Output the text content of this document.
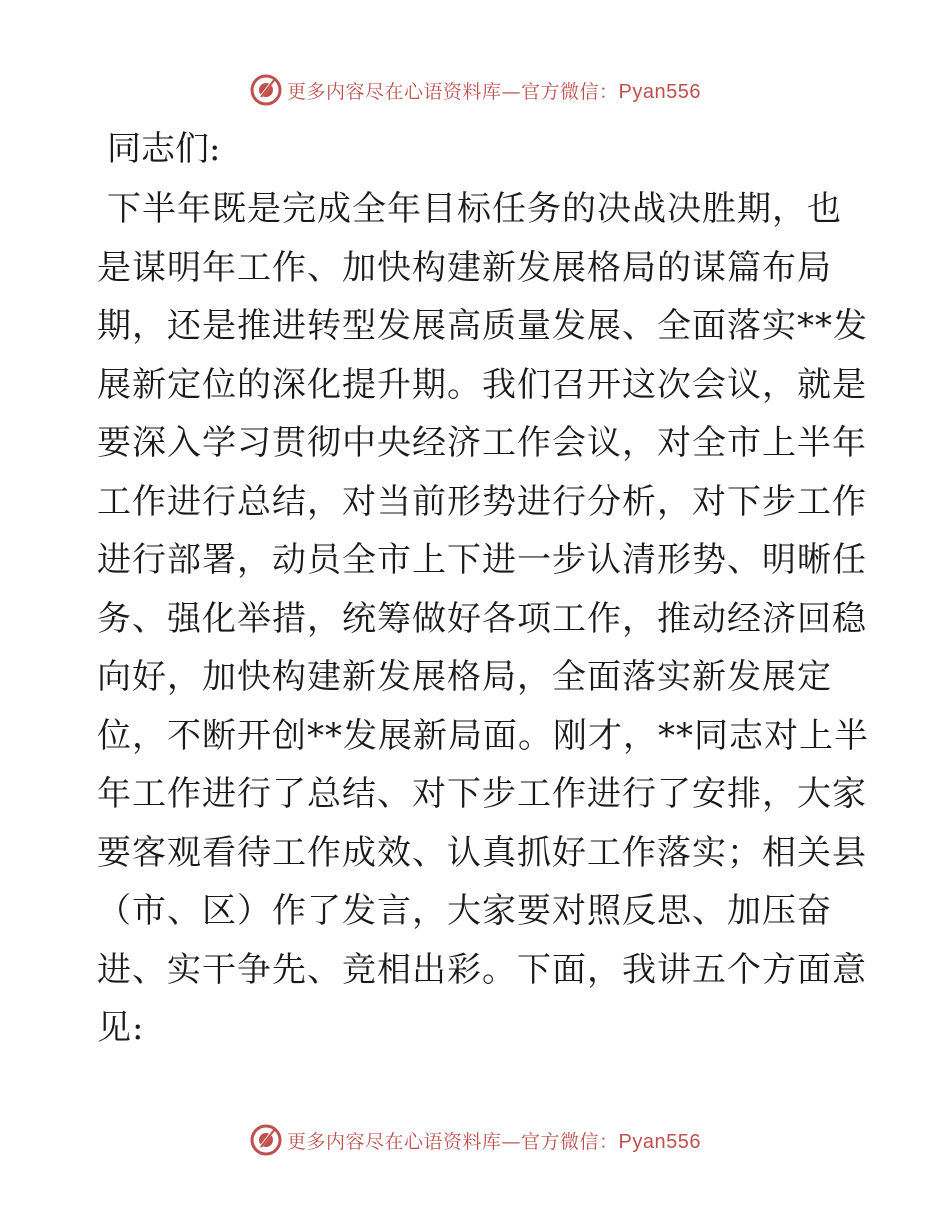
更多内容尽在心语资料库—官方微信：Pyan556

同志们:

下半年既是完成全年目标任务的决战决胜期，也
是谋明年工作、加快构建新发展格局的谋篇布局
期，还是推进转型发展高质量发展、全面落实**发
展新定位的深化提升期。我们召开这次会议，就是
要深入学习贯彻中央经济工作会议，对全市上半年
工作进行总结，对当前形势进行分析，对下步工作
进行部署，动员全市上下进一步认清形势、明晰任
务、强化举措，统筹做好各项工作，推动经济回稳
向好，加快构建新发展格局，全面落实新发展定
位，不断开创**发展新局面。刚才，**同志对上半
年工作进行了总结、对下步工作进行了安排，大家
要客观看待工作成效、认真抓好工作落实；相关县
（市、区）作了发言，大家要对照反思、加压奋
进、实干争先、竞相出彩。下面，我讲五个方面意
见:
更多内容尽在心语资料库—官方微信：Pyan556
